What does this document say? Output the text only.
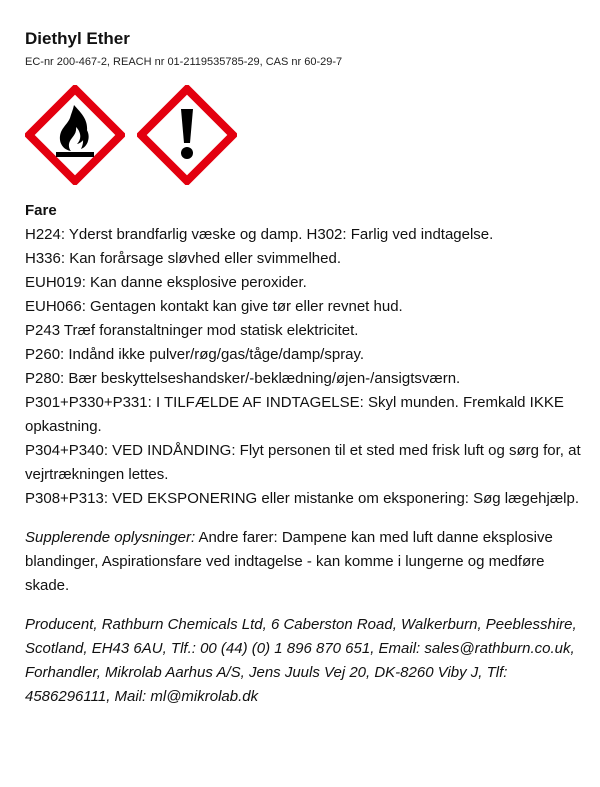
Diethyl Ether
EC-nr 200-467-2, REACH nr 01-2119535785-29, CAS nr 60-29-7
Fare
H224: Yderst brandfarlig væske og damp. H302: Farlig ved indtagelse.
H336: Kan forårsage sløvhed eller svimmelhed.
EUH019: Kan danne eksplosive peroxider.
EUH066: Gentagen kontakt kan give tør eller revnet hud.
P243 Træf foranstaltninger mod statisk elektricitet.
P260: Indånd ikke pulver/røg/gas/tåge/damp/spray.
P280: Bær beskyttelseshandsker/-beklædning/øjen-/ansigtsværn.
P301+P330+P331: I TILFÆLDE AF INDTAGELSE: Skyl munden. Fremkald IKKE opkastning.
P304+P340: VED INDÅNDING: Flyt personen til et sted med frisk luft og sørg for, at
vejrtrækningen lettes.
P308+P313: VED EKSPONERING eller mistanke om eksponering: Søg lægehjælp.
Supplerende oplysninger: Andre farer: Dampene kan med luft danne eksplosive blandinger, Aspirationsfare ved indtagelse - kan komme i lungerne og medføre skade.
Producent, Rathburn Chemicals Ltd, 6 Caberston Road, Walkerburn, Peeblesshire, Scotland, EH43 6AU, Tlf.: 00 (44) (0) 1 896 870 651, Email: sales@rathburn.co.uk, Forhandler, Mikrolab Aarhus A/S, Jens Juuls Vej 20, DK-8260 Viby J, Tlf: 4586296111, Mail: ml@mikrolab.dk
